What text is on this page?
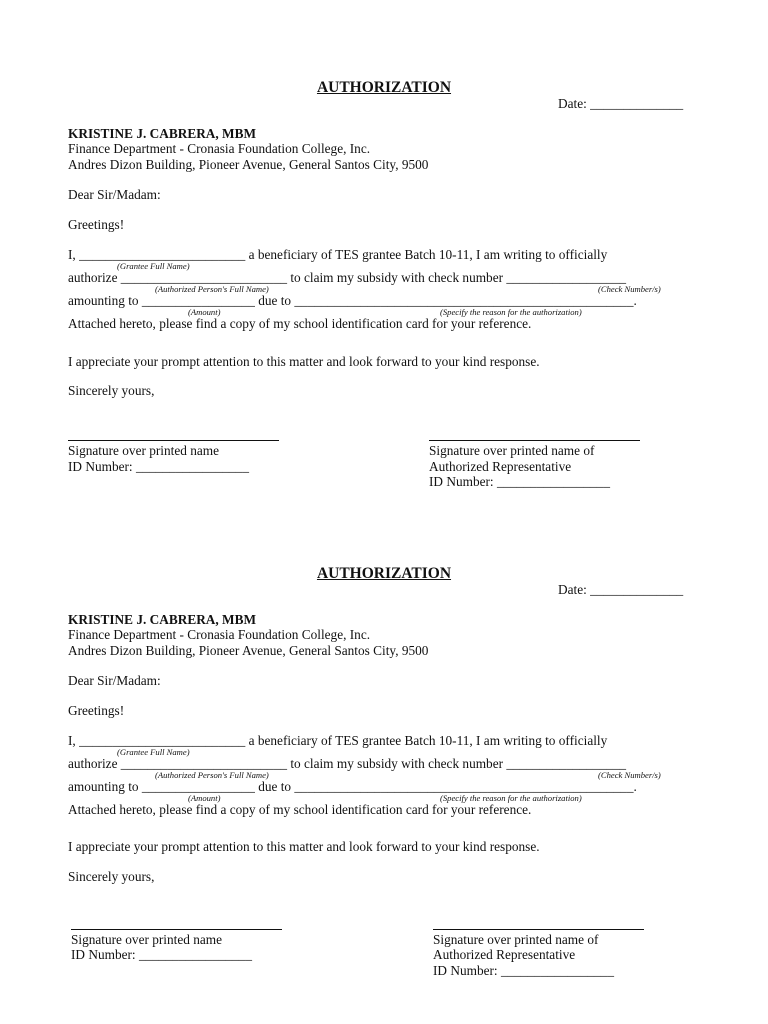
AUTHORIZATION
Date: ______________
KRISTINE J. CABRERA, MBM
Finance Department - Cronasia Foundation College, Inc.
Andres Dizon Building, Pioneer Avenue, General Santos City, 9500
Dear Sir/Madam:
Greetings!
I, _________________________ a beneficiary of TES grantee Batch 10-11, I am writing to officially
(Grantee Full Name)
authorize _________________________ to claim my subsidy with check number __________________
(Authorized Person's Full Name)	(Check Number/s)
amounting to _________________ due to ___________________________________________________.
(Amount)	(Specify the reason for the authorization)
Attached hereto, please find a copy of my school identification card for your reference.
I appreciate your prompt attention to this matter and look forward to your kind response.
Sincerely yours,
Signature over printed name
ID Number: _________________
Signature over printed name of
Authorized Representative
ID Number: _________________
AUTHORIZATION
Date: ______________
KRISTINE J. CABRERA, MBM
Finance Department - Cronasia Foundation College, Inc.
Andres Dizon Building, Pioneer Avenue, General Santos City, 9500
Dear Sir/Madam:
Greetings!
I, _________________________ a beneficiary of TES grantee Batch 10-11, I am writing to officially
(Grantee Full Name)
authorize _________________________ to claim my subsidy with check number __________________
(Authorized Person's Full Name)	(Check Number/s)
amounting to _________________ due to ___________________________________________________.
(Amount)	(Specify the reason for the authorization)
Attached hereto, please find a copy of my school identification card for your reference.
I appreciate your prompt attention to this matter and look forward to your kind response.
Sincerely yours,
Signature over printed name
ID Number: _________________
Signature over printed name of
Authorized Representative
ID Number: _________________
